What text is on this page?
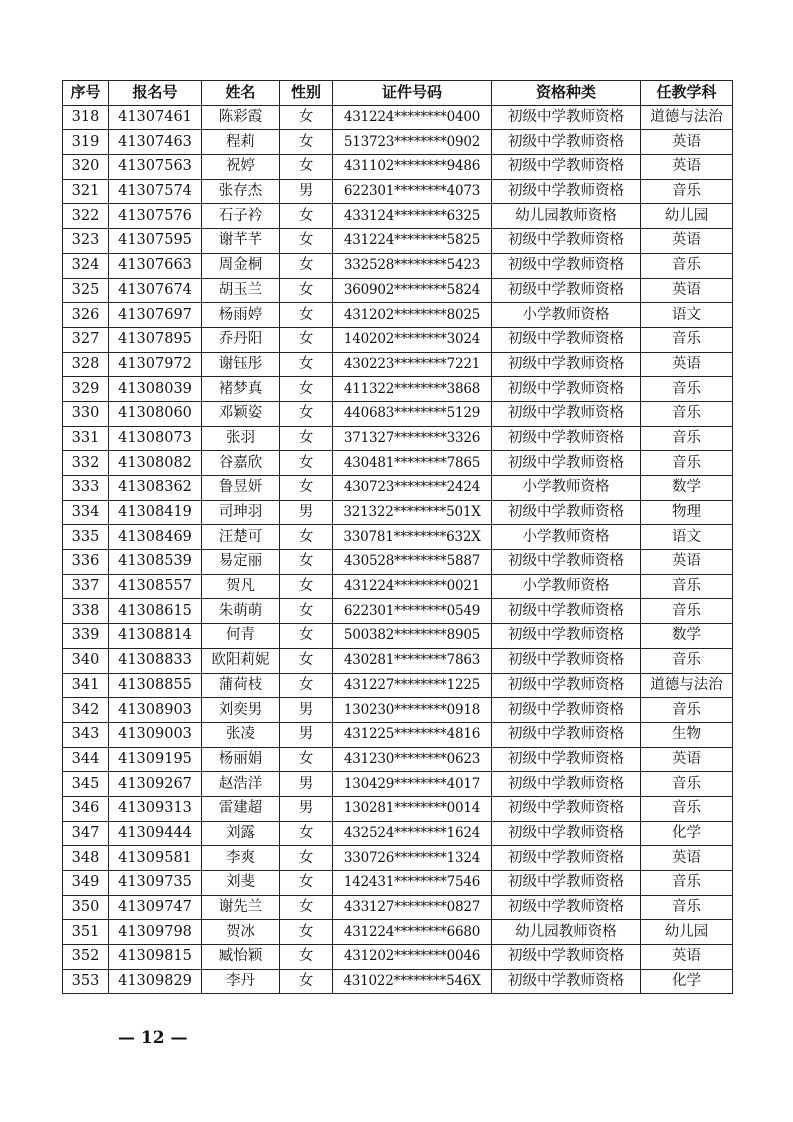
序号	报名号	姓名	性别	证件号码	资格种类	任教学科
318	41307461	陈彩霞	女	431224********0400	初级中学教师资格	道德与法治
319	41307463	程莉	女	513723********0902	初级中学教师资格	英语
320	41307563	祝婷	女	431102********9486	初级中学教师资格	英语
321	41307574	张存杰	男	622301********4073	初级中学教师资格	音乐
322	41307576	石子衿	女	433124********6325	幼儿园教师资格	幼儿园
323	41307595	谢芊芊	女	431224********5825	初级中学教师资格	英语
324	41307663	周金桐	女	332528********5423	初级中学教师资格	音乐
325	41307674	胡玉兰	女	360902********5824	初级中学教师资格	英语
326	41307697	杨雨婷	女	431202********8025	小学教师资格	语文
327	41307895	乔丹阳	女	140202********3024	初级中学教师资格	音乐
328	41307972	谢钰彤	女	430223********7221	初级中学教师资格	英语
329	41308039	褚梦真	女	411322********3868	初级中学教师资格	音乐
330	41308060	邓颖姿	女	440683********5129	初级中学教师资格	音乐
331	41308073	张羽	女	371327********3326	初级中学教师资格	音乐
332	41308082	谷嘉欣	女	430481********7865	初级中学教师资格	音乐
333	41308362	鲁昱妍	女	430723********2424	小学教师资格	数学
334	41308419	司珅羽	男	321322********501X	初级中学教师资格	物理
335	41308469	汪楚可	女	330781********632X	小学教师资格	语文
336	41308539	易定丽	女	430528********5887	初级中学教师资格	英语
337	41308557	贺凡	女	431224********0021	小学教师资格	音乐
338	41308615	朱萌萌	女	622301********0549	初级中学教师资格	音乐
339	41308814	何青	女	500382********8905	初级中学教师资格	数学
340	41308833	欧阳莉妮	女	430281********7863	初级中学教师资格	音乐
341	41308855	蒲荷枝	女	431227********1225	初级中学教师资格	道德与法治
342	41308903	刘奕男	男	130230********0918	初级中学教师资格	音乐
343	41309003	张凌	男	431225********4816	初级中学教师资格	生物
344	41309195	杨丽娟	女	431230********0623	初级中学教师资格	英语
345	41309267	赵浩洋	男	130429********4017	初级中学教师资格	音乐
346	41309313	雷建超	男	130281********0014	初级中学教师资格	音乐
347	41309444	刘露	女	432524********1624	初级中学教师资格	化学
348	41309581	李爽	女	330726********1324	初级中学教师资格	英语
349	41309735	刘斐	女	142431********7546	初级中学教师资格	音乐
350	41309747	谢先兰	女	433127********0827	初级中学教师资格	音乐
351	41309798	贺冰	女	431224********6680	幼儿园教师资格	幼儿园
352	41309815	臧怡颖	女	431202********0046	初级中学教师资格	英语
353	41309829	李丹	女	431022********546X	初级中学教师资格	化学
— 12 —
